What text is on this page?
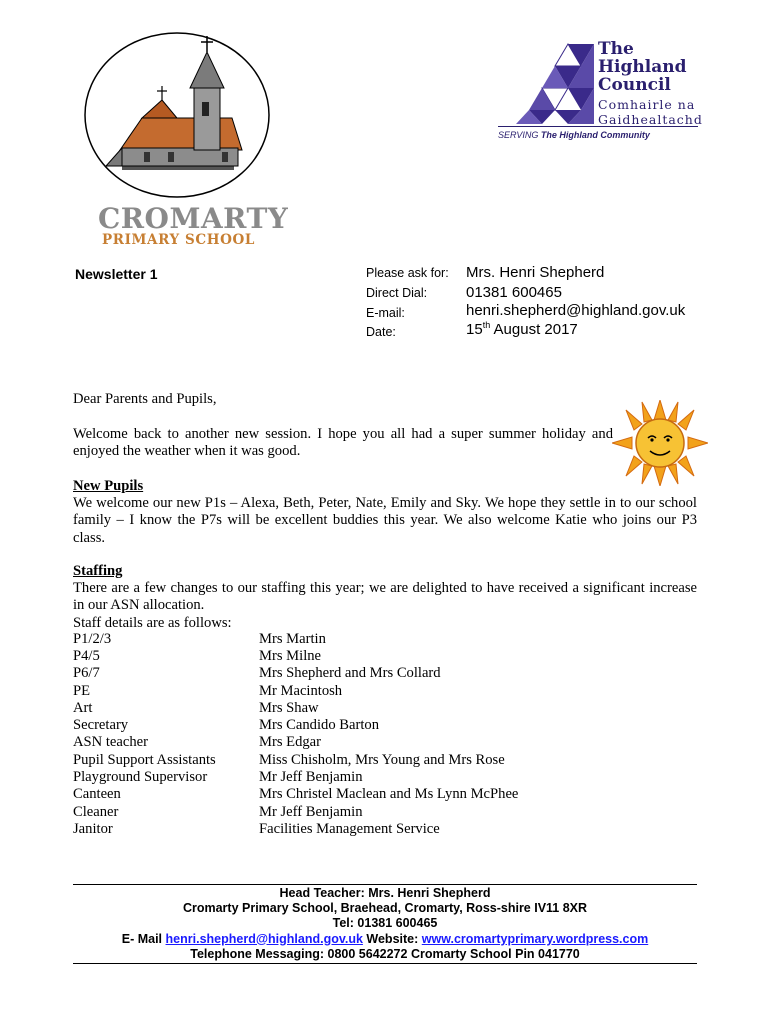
CROMARTY
PRIMARY SCHOOL
The
Highland
Council
Comhairle na
Gaidhealtachd
SERVING The Highland Community
Newsletter 1	Please ask for: Mrs. Henri Shepherd
Direct Dial:	01381 600465
E-mail:	henri.shepherd@highland.gov.uk
Date:	15th August 2017
Dear Parents and Pupils,
Welcome back to another new session. I hope you all had a super summer holiday and enjoyed the weather when it was good.
New Pupils
We welcome our new P1s – Alexa, Beth, Peter, Nate, Emily and Sky. We hope they settle in to our school family – I know the P7s will be excellent buddies this year. We also welcome Katie who joins our P3 class.
Staffing
There are a few changes to our staffing this year; we are delighted to have received a significant increase in our ASN allocation.
Staff details are as follows:
P1/2/3	Mrs Martin
P4/5	Mrs Milne
P6/7	Mrs Shepherd and Mrs Collard
PE	Mr Macintosh
Art	Mrs Shaw
Secretary	Mrs Candido Barton
ASN teacher	Mrs Edgar
Pupil Support Assistants	Miss Chisholm, Mrs Young and Mrs Rose
Playground Supervisor	Mr Jeff Benjamin
Canteen	Mrs Christel Maclean and Ms Lynn McPhee
Cleaner	Mr Jeff Benjamin
Janitor	Facilities Management Service
Head Teacher: Mrs. Henri Shepherd
Cromarty Primary School, Braehead, Cromarty, Ross-shire IV11 8XR
Tel: 01381 600465
E- Mail henri.shepherd@highland.gov.uk Website: www.cromartyprimary.wordpress.com
Telephone Messaging: 0800 5642272 Cromarty School Pin 041770
